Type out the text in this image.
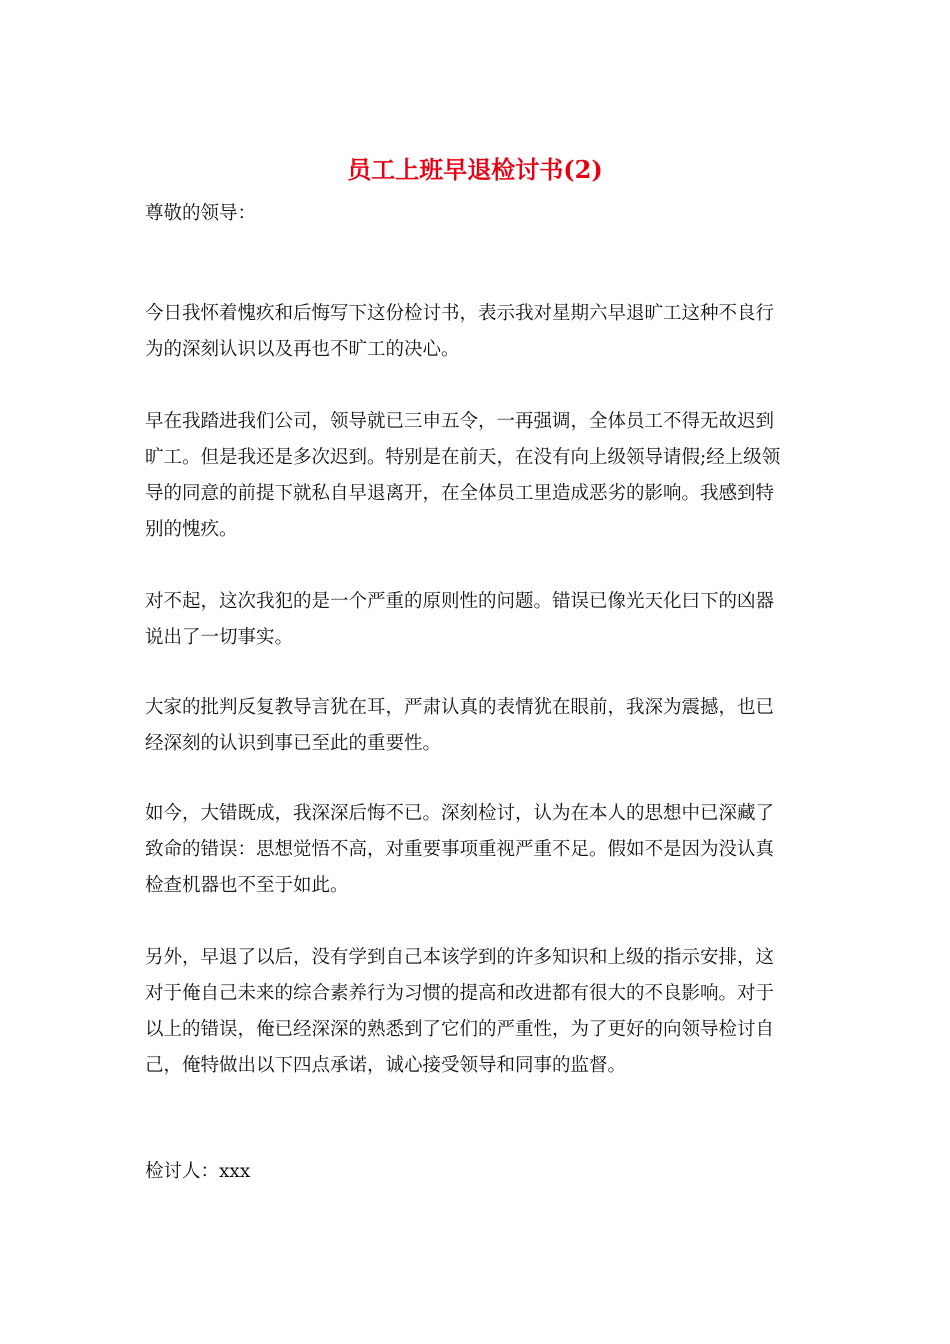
员工上班早退检讨书(2)

尊敬的领导：

今日我怀着愧疚和后悔写下这份检讨书，表示我对星期六早退旷工这种不良行
为的深刻认识以及再也不旷工的决心。

早在我踏进我们公司，领导就已三申五令，一再强调，全体员工不得无故迟到
旷工。但是我还是多次迟到。特别是在前天，在没有向上级领导请假;经上级领
导的同意的前提下就私自早退离开，在全体员工里造成恶劣的影响。我感到特
别的愧疚。

对不起，这次我犯的是一个严重的原则性的问题。错误已像光天化曰下的凶器
说出了一切事实。

大家的批判反复教导言犹在耳，严肃认真的表情犹在眼前，我深为震撼，也已
经深刻的认识到事已至此的重要性。

如今，大错既成，我深深后悔不已。深刻检讨，认为在本人的思想中已深藏了
致命的错误：思想觉悟不高，对重要事项重视严重不足。假如不是因为没认真
检查机器也不至于如此。

另外，早退了以后，没有学到自己本该学到的许多知识和上级的指示安排，这
对于俺自己未来的综合素养行为习惯的提高和改进都有很大的不良影响。对于
以上的错误，俺已经深深的熟悉到了它们的严重性，为了更好的向领导检讨自
己，俺特做出以下四点承诺，诚心接受领导和同事的监督。

检讨人：xxx
